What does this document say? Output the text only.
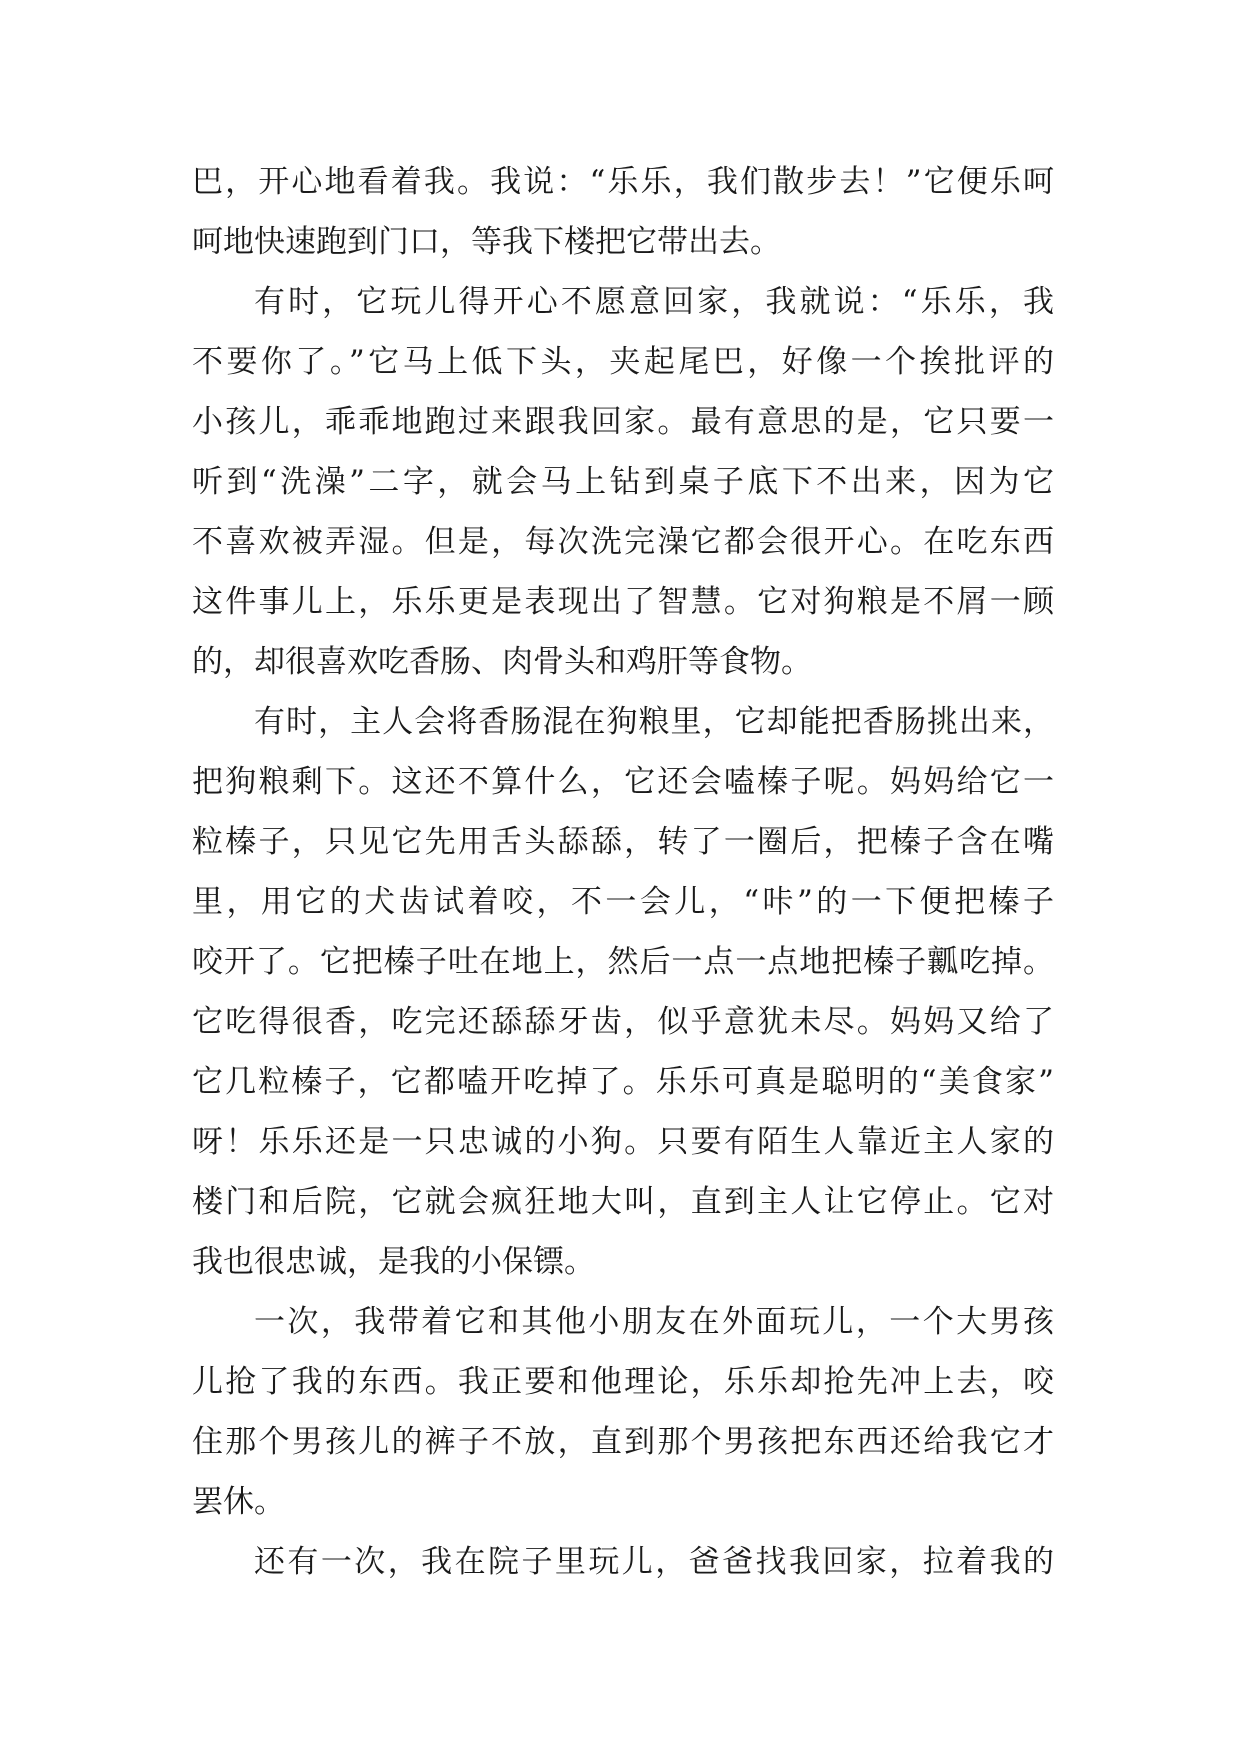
巴，开心地看着我。我说：“乐乐，我们散步去！”它便乐呵
呵地快速跑到门口，等我下楼把它带出去。
有时，它玩儿得开心不愿意回家，我就说：“乐乐，我
不要你了。”它马上低下头，夹起尾巴，好像一个挨批评的
小孩儿，乖乖地跑过来跟我回家。最有意思的是，它只要一
听到“洗澡”二字，就会马上钻到桌子底下不出来，因为它
不喜欢被弄湿。但是，每次洗完澡它都会很开心。在吃东西
这件事儿上，乐乐更是表现出了智慧。它对狗粮是不屑一顾
的，却很喜欢吃香肠、肉骨头和鸡肝等食物。
有时，主人会将香肠混在狗粮里，它却能把香肠挑出来，
把狗粮剩下。这还不算什么，它还会嗑榛子呢。妈妈给它一
粒榛子，只见它先用舌头舔舔，转了一圈后，把榛子含在嘴
里，用它的犬齿试着咬，不一会儿，“咔”的一下便把榛子
咬开了。它把榛子吐在地上，然后一点一点地把榛子瓤吃掉。
它吃得很香，吃完还舔舔牙齿，似乎意犹未尽。妈妈又给了
它几粒榛子，它都嗑开吃掉了。乐乐可真是聪明的“美食家”
呀！乐乐还是一只忠诚的小狗。只要有陌生人靠近主人家的
楼门和后院，它就会疯狂地大叫，直到主人让它停止。它对
我也很忠诚，是我的小保镖。
一次，我带着它和其他小朋友在外面玩儿，一个大男孩
儿抢了我的东西。我正要和他理论，乐乐却抢先冲上去，咬
住那个男孩儿的裤子不放，直到那个男孩把东西还给我它才
罢休。
还有一次，我在院子里玩儿，爸爸找我回家，拉着我的
